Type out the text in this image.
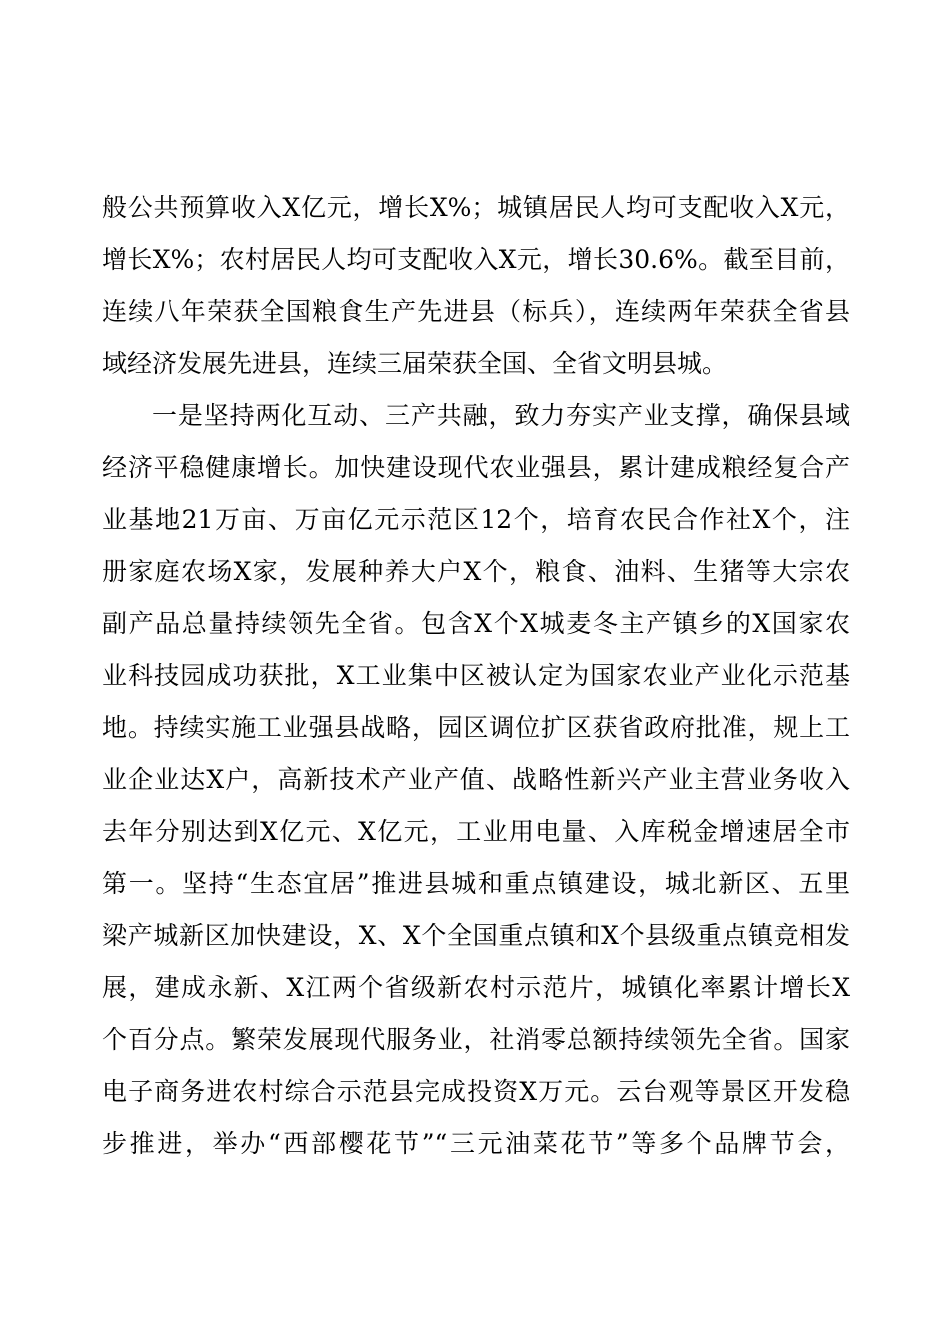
般公共预算收入X亿元，增长X%；城镇居民人均可支配收入X元，
增长X%；农村居民人均可支配收入X元，增长30.6%。截至目前，
连续八年荣获全国粮食生产先进县（标兵），连续两年荣获全省县
域经济发展先进县，连续三届荣获全国、全省文明县城。
一是坚持两化互动、三产共融，致力夯实产业支撑，确保县域
经济平稳健康增长。加快建设现代农业强县，累计建成粮经复合产
业基地21万亩、万亩亿元示范区12个，培育农民合作社X个，注
册家庭农场X家，发展种养大户X个，粮食、油料、生猪等大宗农
副产品总量持续领先全省。包含X个X城麦冬主产镇乡的X国家农
业科技园成功获批，X工业集中区被认定为国家农业产业化示范基
地。持续实施工业强县战略，园区调位扩区获省政府批准，规上工
业企业达X户，高新技术产业产值、战略性新兴产业主营业务收入
去年分别达到X亿元、X亿元，工业用电量、入库税金增速居全市
第一。坚持“生态宜居”推进县城和重点镇建设，城北新区、五里
梁产城新区加快建设，X、X个全国重点镇和X个县级重点镇竞相发
展，建成永新、X江两个省级新农村示范片，城镇化率累计增长X
个百分点。繁荣发展现代服务业，社消零总额持续领先全省。国家
电子商务进农村综合示范县完成投资X万元。云台观等景区开发稳
步推进，举办“西部樱花节”“三元油菜花节”等多个品牌节会，
